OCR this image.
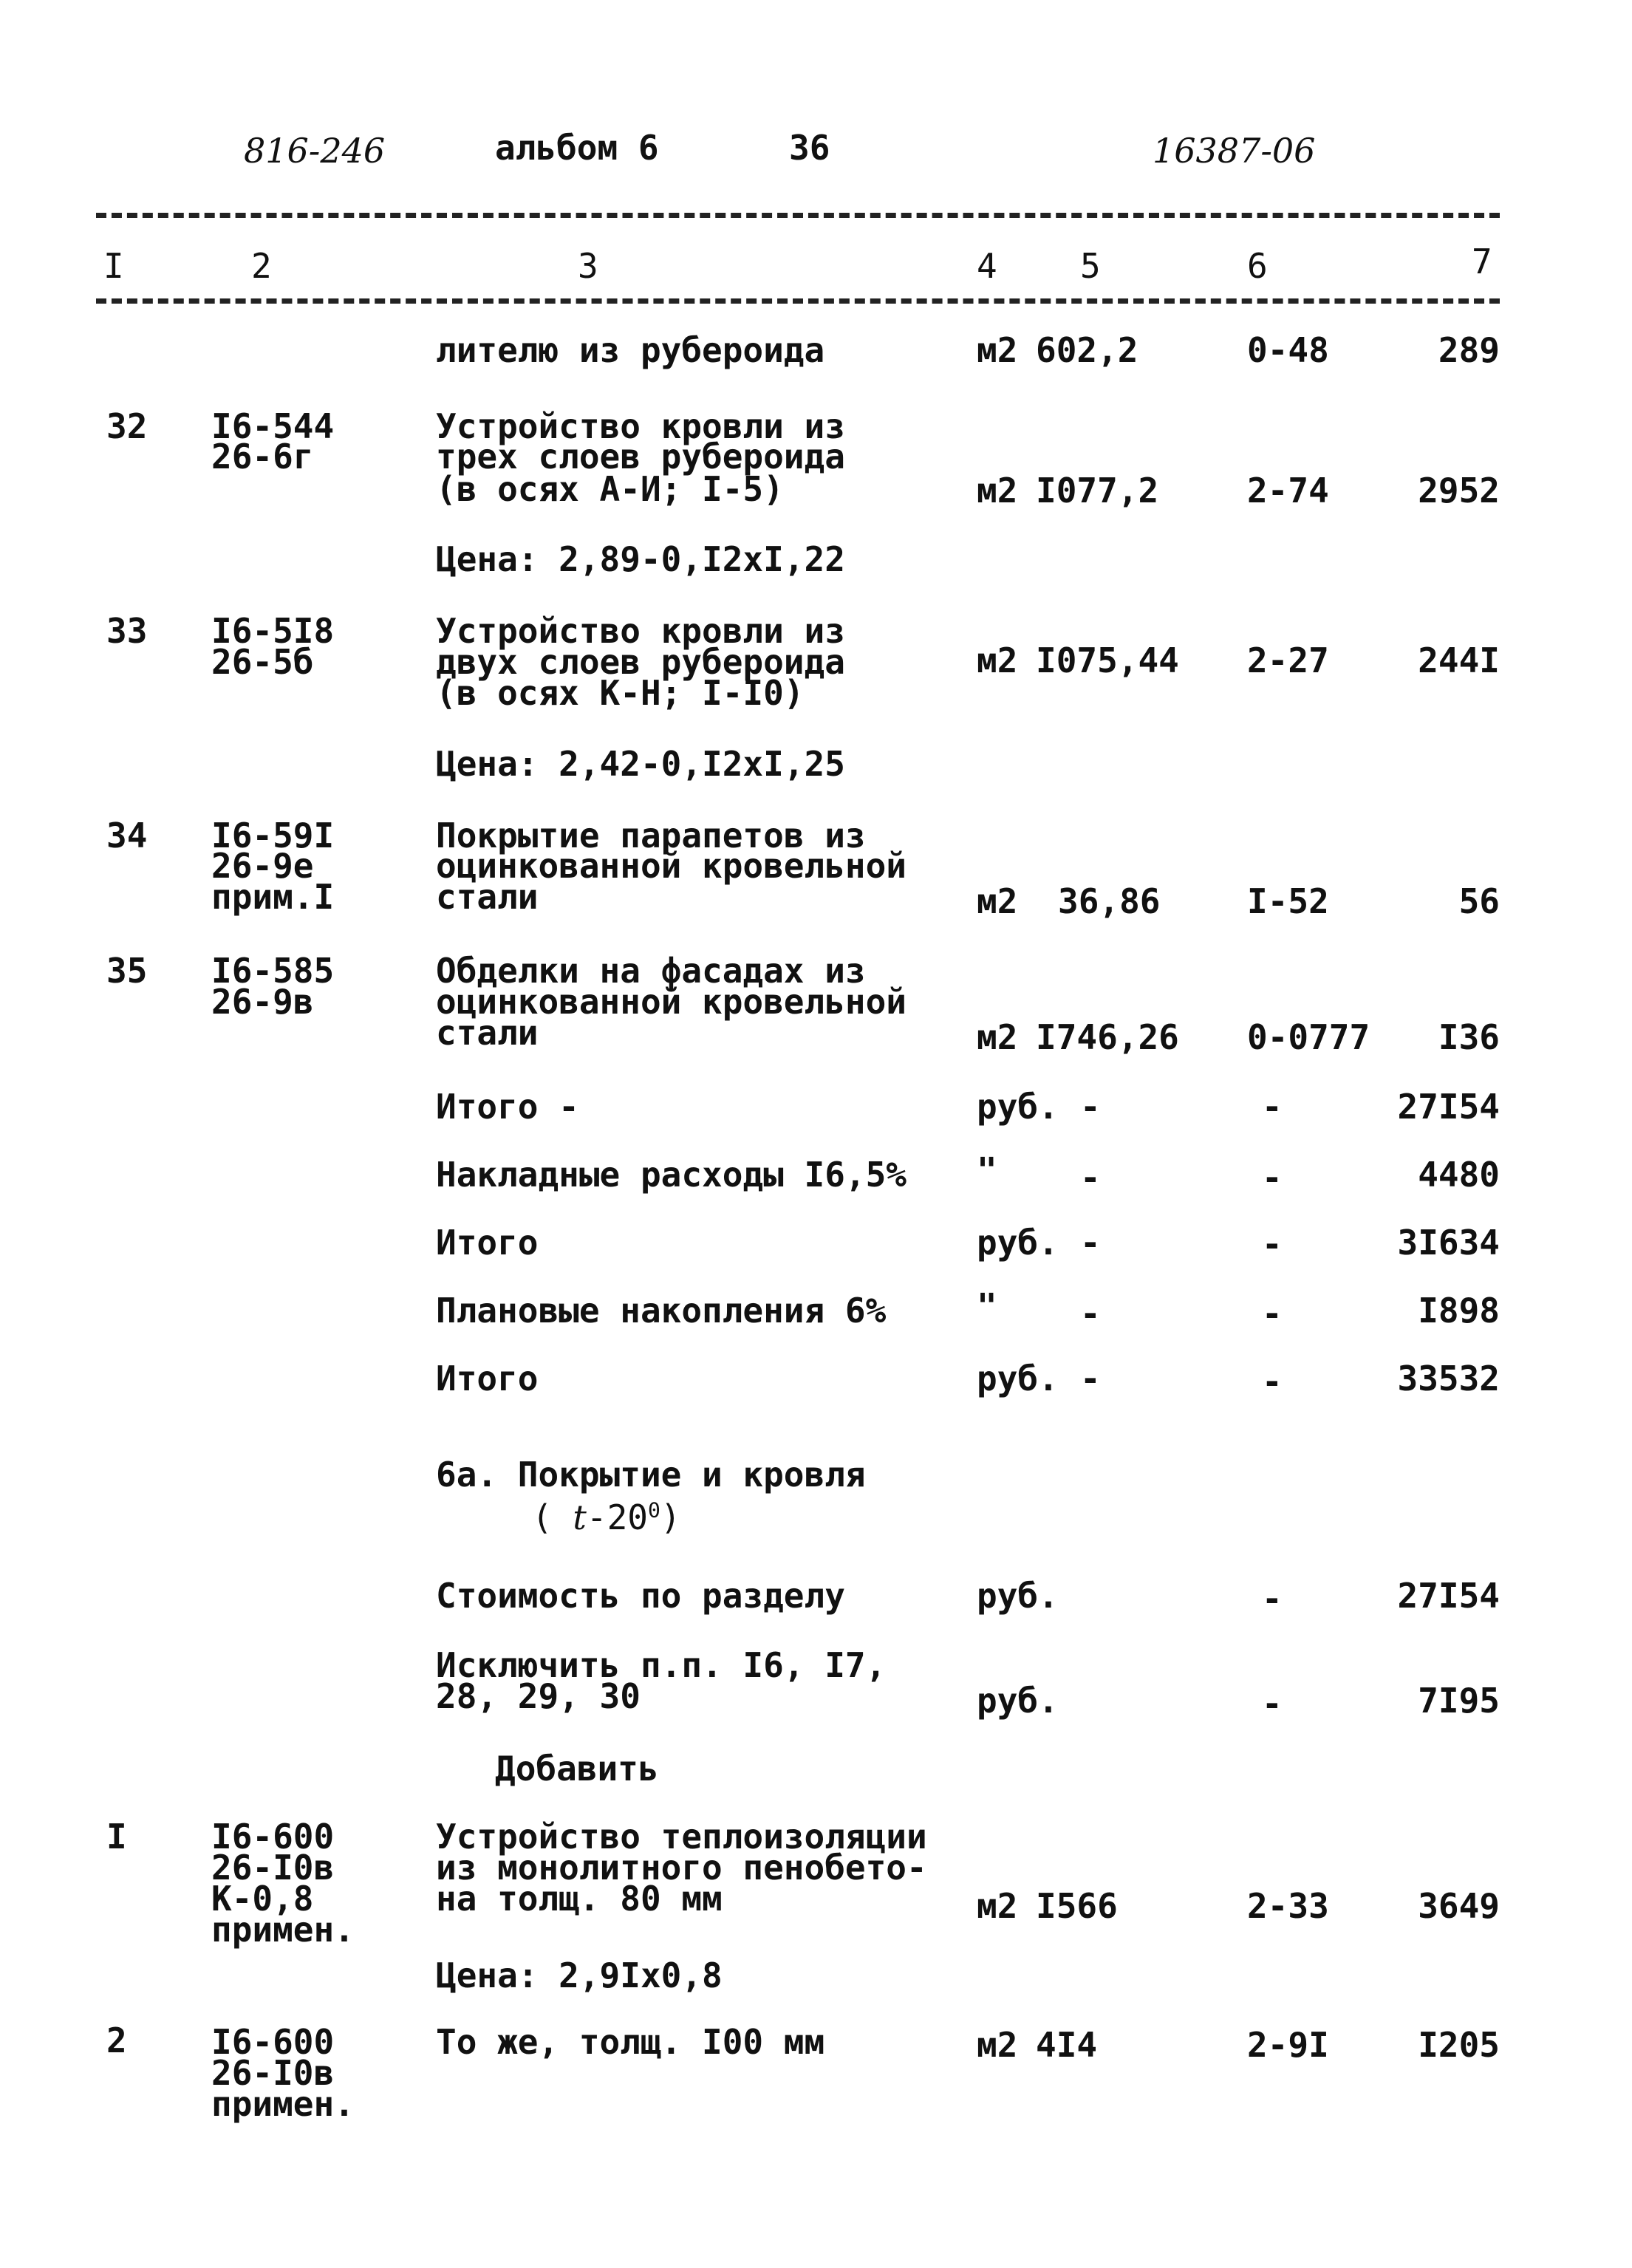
816-246	альбом 6	36	16387-06
I	2	3	4 5	6	7
лителю из рубероида	м2 602,2	0-48	289
32 I6-544
26-6г
Устройство кровли из
трех слоев рубероида
(в осях А-И; I-5)	м2 I077,2	2-74	2952
Цена: 2,89-0,I2xI,22
33 I6-5I8
26-5б
Устройство кровли из
двух слоев рубероида
(в осях К-Н; I-I0)
м2 I075,44 2-27	244I
Цена: 2,42-0,I2xI,25
34 I6-59I
26-9е
прим.I
Покрытие парапетов из
оцинкованной кровельной
стали	м2 36,86	I-52	56
35 I6-585
26-9в
Обделки на фасадах из
оцинкованной кровельной
стали	м2 I746,26 0-0777	I36
Итого -	руб. -	-	27I54
Накладные расходы I6,5% " -	-	4480
Итого	руб. -	-	3I634
Плановые накопления 6%	" -	-	I898
Итого	руб. -	-	33532
6а. Покрытие и кровля
( $t-20^0$)
Стоимость по разделу	руб.	-	27I54
Исключить п.п. I6, I7,
28, 29, 30	руб.	-	7I95
Добавить
I I6-600
26-I0в
К-0,8
примен.
Устройство теплоизоляции
из монолитного пенобето-
на толщ. 80 мм	м2 I566	2-33	3649
Цена: 2,9Ix0,8
2 I6-600
26-I0в
примен.
То же, толщ. I00 мм	м2 4I4	2-9I	I205
